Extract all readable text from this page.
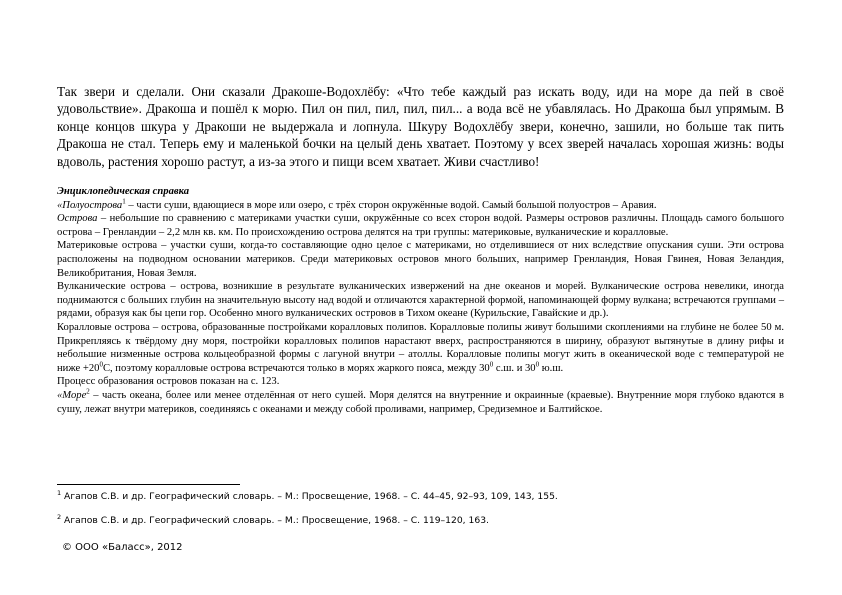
Так звери и сделали. Они сказали Дракоше-Водохлёбу: «Что тебе каждый раз искать воду, иди на море да пей в своё удовольствие». Дракоша и пошёл к морю. Пил он пил, пил, пил, пил... а вода всё не убавлялась. Но Дракоша был упрямым. В конце концов шкура у Дракоши не выдержала и лопнула. Шкуру Водохлёбу звери, конечно, зашили, но больше так пить Дракоша не стал. Теперь ему и маленькой бочки на целый день хватает. Поэтому у всех зверей началась хорошая жизнь: воды вдоволь, растения хорошо растут, а из-за этого и пищи всем хватает. Живи счастливо!

Энциклопедическая справка

«Полуострова$^1$ – части суши, вдающиеся в море или озеро, с трёх сторон окружённые водой. Самый большой полуостров – Аравия.

Острова – небольшие по сравнению с материками участки суши, окружённые со всех сторон водой. Размеры островов различны. Площадь самого большого острова – Гренландии – 2,2 млн кв. км. По происхождению острова делятся на три группы: материковые, вулканические и коралловые.

Материковые острова – участки суши, когда-то составляющие одно целое с материками, но отделившиеся от них вследствие опускания суши. Эти острова расположены на подводном основании материков. Среди материковых островов много больших, например Гренландия, Новая Гвинея, Новая Зеландия, Великобритания, Новая Земля.

Вулканические острова – острова, возникшие в результате вулканических извержений на дне океанов и морей. Вулканические острова невелики, иногда поднимаются с больших глубин на значительную высоту над водой и отличаются характерной формой, напоминающей форму вулкана; встречаются группами – рядами, образуя как бы цепи гор. Особенно много вулканических островов в Тихом океане (Курильские, Гавайские и др.).

Коралловые острова – острова, образованные постройками коралловых полипов. Коралловые полипы живут большими скоплениями на глубине не более 50 м. Прикрепляясь к твёрдому дну моря, постройки коралловых полипов нарастают вверх, распространяются в ширину, образуют вытянутые в длину рифы и небольшие низменные острова кольцеобразной формы с лагуной внутри – атоллы. Коралловые полипы могут жить в океанической воде с температурой не ниже $+20^0С$, поэтому коралловые острова встречаются только в морях жаркого пояса, между $30^0$ с.ш. и $30^0$ ю.ш.

Процесс образования островов показан на с. 123.

«Море$^2$ – часть океана, более или менее отделённая от него сушей. Моря делятся на внутренние и окраинные (краевые). Внутренние моря глубоко вдаются в сушу, лежат внутри материков, соединяясь с океанами и между собой проливами, например, Средиземное и Балтийское.

$^1$ Агапов С.В. и др. Географический словарь. – М.: Просвещение, 1968. – С. 44–45, 92–93, 109, 143, 155.
$^2$ Агапов С.В. и др. Географический словарь. – М.: Просвещение, 1968. – С. 119–120, 163.
© ООО «Баласс», 2012
